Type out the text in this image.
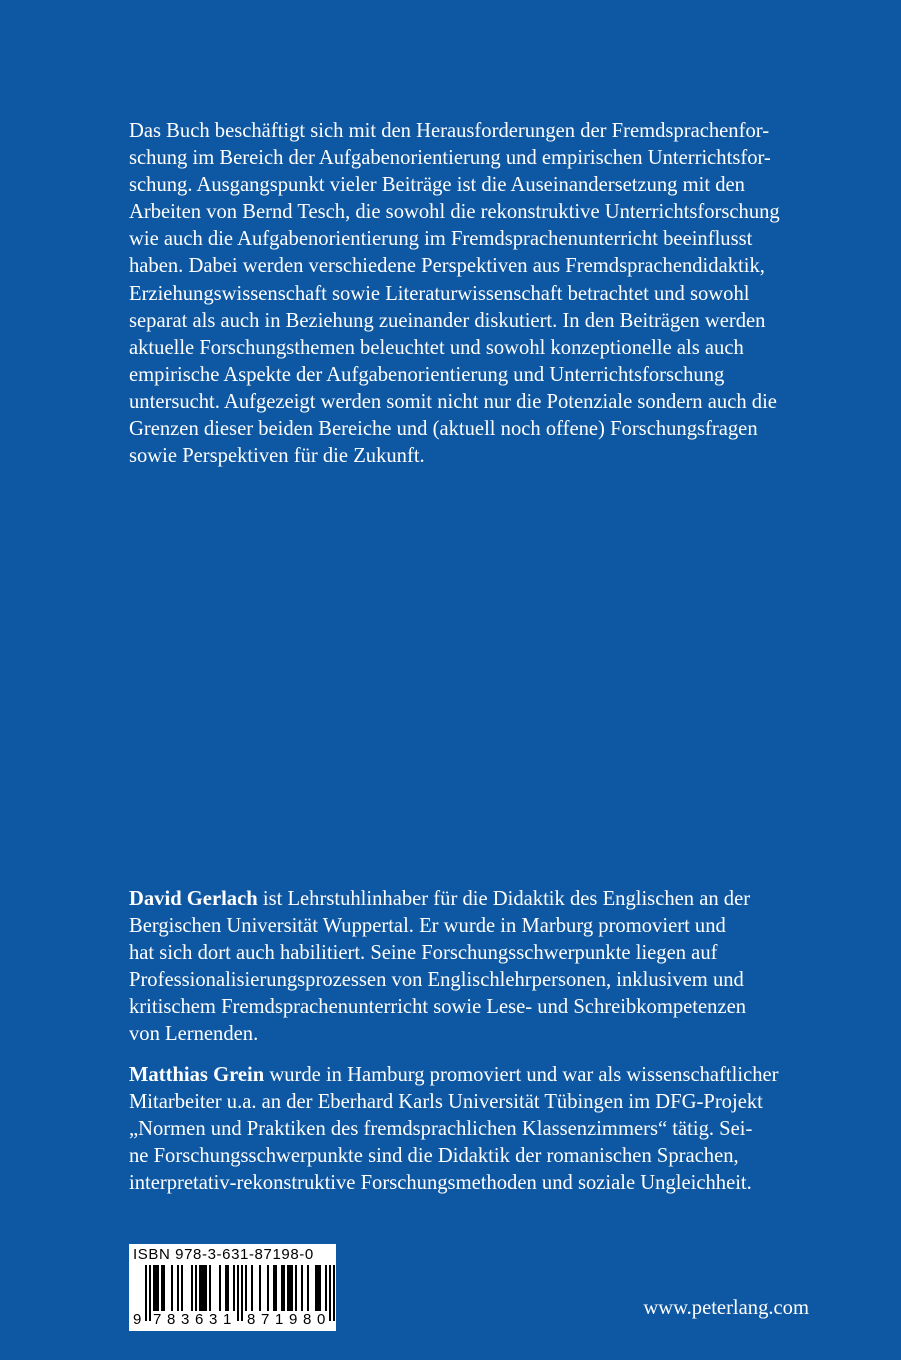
Das Buch beschäftigt sich mit den Herausforderungen der Fremdsprachenfor-
schung im Bereich der Aufgabenorientierung und empirischen Unterrichtsfor-
schung. Ausgangspunkt vieler Beiträge ist die Auseinandersetzung mit den
Arbeiten von Bernd Tesch, die sowohl die rekonstruktive Unterrichtsforschung
wie auch die Aufgabenorientierung im Fremdsprachenunterricht beeinflusst
haben. Dabei werden verschiedene Perspektiven aus Fremdsprachendidaktik,
Erziehungswissenschaft sowie Literaturwissenschaft betrachtet und sowohl
separat als auch in Beziehung zueinander diskutiert. In den Beiträgen werden
aktuelle Forschungsthemen beleuchtet und sowohl konzeptionelle als auch
empirische Aspekte der Aufgabenorientierung und Unterrichtsforschung
untersucht. Aufgezeigt werden somit nicht nur die Potenziale sondern auch die
Grenzen dieser beiden Bereiche und (aktuell noch offene) Forschungsfragen
sowie Perspektiven für die Zukunft.

David Gerlach ist Lehrstuhlinhaber für die Didaktik des Englischen an der
Bergischen Universität Wuppertal. Er wurde in Marburg promoviert und
hat sich dort auch habilitiert. Seine Forschungsschwerpunkte liegen auf
Professionalisierungsprozessen von Englischlehrpersonen, inklusivem und
kritischem Fremdsprachenunterricht sowie Lese- und Schreibkompetenzen
von Lernenden.

Matthias Grein wurde in Hamburg promoviert und war als wissenschaftlicher
Mitarbeiter u.a. an der Eberhard Karls Universität Tübingen im DFG-Projekt
„Normen und Praktiken des fremdsprachlichen Klassenzimmers“ tätig. Sei-
ne Forschungsschwerpunkte sind die Didaktik der romanischen Sprachen,
interpretativ-rekonstruktive Forschungsmethoden und soziale Ungleichheit.

ISBN 978-3-631-87198-0
9 7 8 3 6 3 1 8 7 1 9 8 0
www.peterlang.com
